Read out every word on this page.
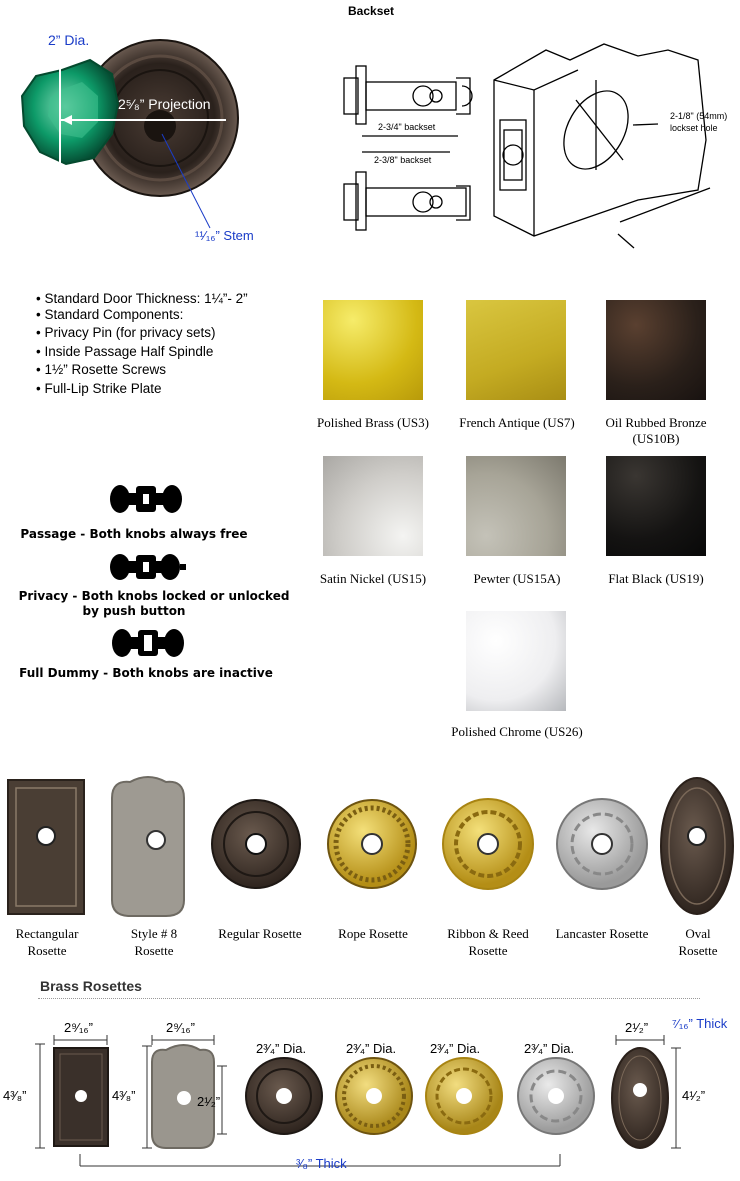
Backset
2” Dia.
2⁵⁄₈” Projection
¹¹⁄₁₆” Stem
2-3/4" backset
2-3/8" backset
2-1/8" (54mm)
lockset hole
• Standard Door Thickness: 1¼”- 2”
• Standard Components:
• Privacy Pin (for privacy sets)
• Inside Passage Half Spindle
• 1½” Rosette Screws
• Full-Lip Strike Plate
Passage - Both knobs always free
Privacy - Both knobs locked or unlocked
by push button
Full Dummy - Both knobs are inactive
Polished Brass (US3)	French Antique (US7)	Oil Rubbed Bronze
(US10B)
Satin Nickel (US15)	Pewter (US15A)	Flat Black (US19)
Polished Chrome (US26)
Rectangular
Rosette
Style # 8
Rosette
Regular Rosette	Rope Rosette	Ribbon & Reed
Rosette
Lancaster Rosette	Oval
Rosette
Brass Rosettes
2⁹⁄₁₆”	2⁹⁄₁₆”
4³⁄₈”	4³⁄₈”	2¹⁄₂”
2³⁄₄” Dia.	2³⁄₄” Dia.	2³⁄₄” Dia.	2³⁄₄” Dia.
2¹⁄₂”
4¹⁄₂”
⁷⁄₁₆” Thick
³⁄₈” Thick
